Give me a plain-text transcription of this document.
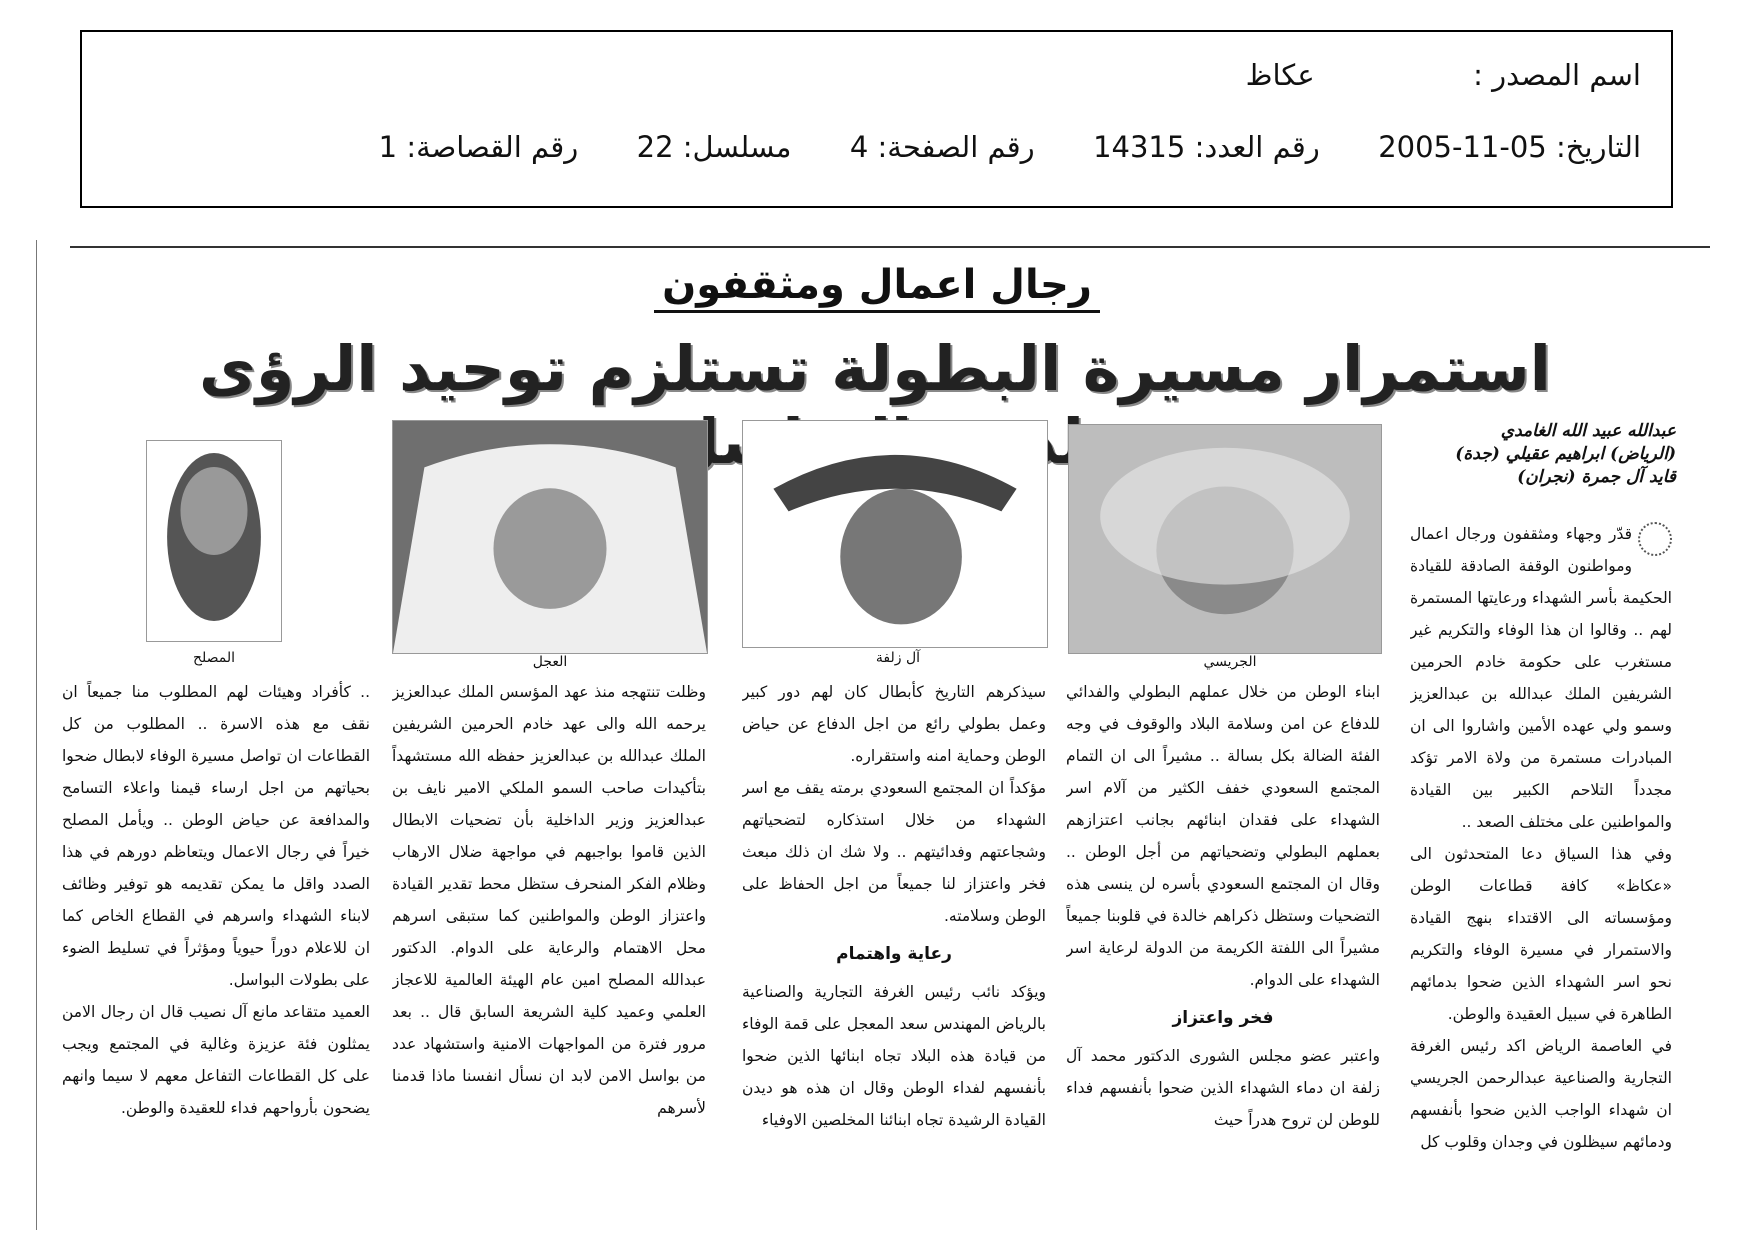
اسم المصدر :  عكاظ
التاريخ: 2005-11-05  رقم العدد: 14315  رقم الصفحة: 4  مسلسل: 22  رقم القصاصة: 1
رجال اعمال ومثقفون
استمرار مسيرة البطولة تستلزم توحيد الرؤى
عبدالله عبيد الله الغامدي
(الرياض) ابراهيم عقيلي (جدة)
قايد آل جمرة (نجران)
الجريسي
آل زلفة
العجل
المصلح

قدّر وجهاء ومثقفون ورجال اعمال ومواطنون الوقفة الصادقة للقيادة الحكيمة بأسر الشهداء ورعايتها المستمرة لهم .. وقالوا ان هذا الوفاء والتكريم غير مستغرب على حكومة خادم الحرمين الشريفين الملك عبدالله بن عبدالعزيز وسمو ولي عهده الأمين واشاروا الى ان المبادرات مستمرة من ولاة الامر تؤكد مجدداً التلاحم الكبير بين القيادة والمواطنين على مختلف الصعد ..

وفي هذا السياق دعا المتحدثون الى «عكاظ» كافة قطاعات الوطن ومؤسساته الى الاقتداء بنهج القيادة والاستمرار في مسيرة الوفاء والتكريم نحو اسر الشهداء الذين ضحوا بدمائهم الطاهرة في سبيل العقيدة والوطن.

في العاصمة الرياض اكد رئيس الغرفة التجارية والصناعية عبدالرحمن الجريسي ان شهداء الواجب الذين ضحوا بأنفسهم ودمائهم سيظلون في وجدان وقلوب كل

ابناء الوطن من خلال عملهم البطولي والفدائي للدفاع عن امن وسلامة البلاد والوقوف في وجه الفئة الضالة بكل بسالة .. مشيراً الى ان التمام المجتمع السعودي خفف الكثير من آلام اسر الشهداء على فقدان ابنائهم بجانب اعتزازهم بعملهم البطولي وتضحياتهم من أجل الوطن .. وقال ان المجتمع السعودي بأسره لن ينسى هذه التضحيات وستظل ذكراهم خالدة في قلوبنا جميعاً مشيراً الى اللفتة الكريمة من الدولة لرعاية اسر الشهداء على الدوام.

فخر واعتزاز

واعتبر عضو مجلس الشورى الدكتور محمد آل زلفة ان دماء الشهداء الذين ضحوا بأنفسهم فداء للوطن لن تروح هدراً حيث

سيذكرهم التاريخ كأبطال كان لهم دور كبير وعمل بطولي رائع من اجل الدفاع عن حياض الوطن وحماية امنه واستقراره.

مؤكداً ان المجتمع السعودي برمته يقف مع اسر الشهداء من خلال استذكاره لتضحياتهم وشجاعتهم وفدائيتهم .. ولا شك ان ذلك مبعث فخر واعتزاز لنا جميعاً من اجل الحفاظ على الوطن وسلامته.

رعاية واهتمام

ويؤكد نائب رئيس الغرفة التجارية والصناعية بالرياض المهندس سعد المعجل على قمة الوفاء من قيادة هذه البلاد تجاه ابنائها الذين ضحوا بأنفسهم لفداء الوطن وقال ان هذه هو ديدن القيادة الرشيدة تجاه ابنائنا المخلصين الاوفياء

وظلت تنتهجه منذ عهد المؤسس الملك عبدالعزيز يرحمه الله والى عهد خادم الحرمين الشريفين الملك عبدالله بن عبدالعزيز حفظه الله مستشهداً بتأكيدات صاحب السمو الملكي الامير نايف بن عبدالعزيز وزير الداخلية بأن تضحيات الابطال الذين قاموا بواجبهم في مواجهة ضلال الارهاب وظلام الفكر المنحرف ستظل محط تقدير القيادة واعتزاز الوطن والمواطنين كما ستبقى اسرهم محل الاهتمام والرعاية على الدوام. الدكتور عبدالله المصلح امين عام الهيئة العالمية للاعجاز العلمي وعميد كلية الشريعة السابق قال .. بعد مرور فترة من المواجهات الامنية واستشهاد عدد من بواسل الامن لابد ان نسأل انفسنا ماذا قدمنا لأسرهم

.. كأفراد وهيئات لهم المطلوب منا جميعاً ان نقف مع هذه الاسرة .. المطلوب من كل القطاعات ان تواصل مسيرة الوفاء لابطال ضحوا بحياتهم من اجل ارساء قيمنا واعلاء التسامح والمدافعة عن حياض الوطن .. ويأمل المصلح خيراً في رجال الاعمال ويتعاظم دورهم في هذا الصدد واقل ما يمكن تقديمه هو توفير وظائف لابناء الشهداء واسرهم في القطاع الخاص كما ان للاعلام دوراً حيوياً ومؤثراً في تسليط الضوء على بطولات البواسل.

العميد متقاعد مانع آل نصيب قال ان رجال الامن يمثلون فئة عزيزة وغالية في المجتمع ويجب على كل القطاعات التفاعل معهم لا سيما وانهم يضحون بأرواحهم فداء للعقيدة والوطن.
